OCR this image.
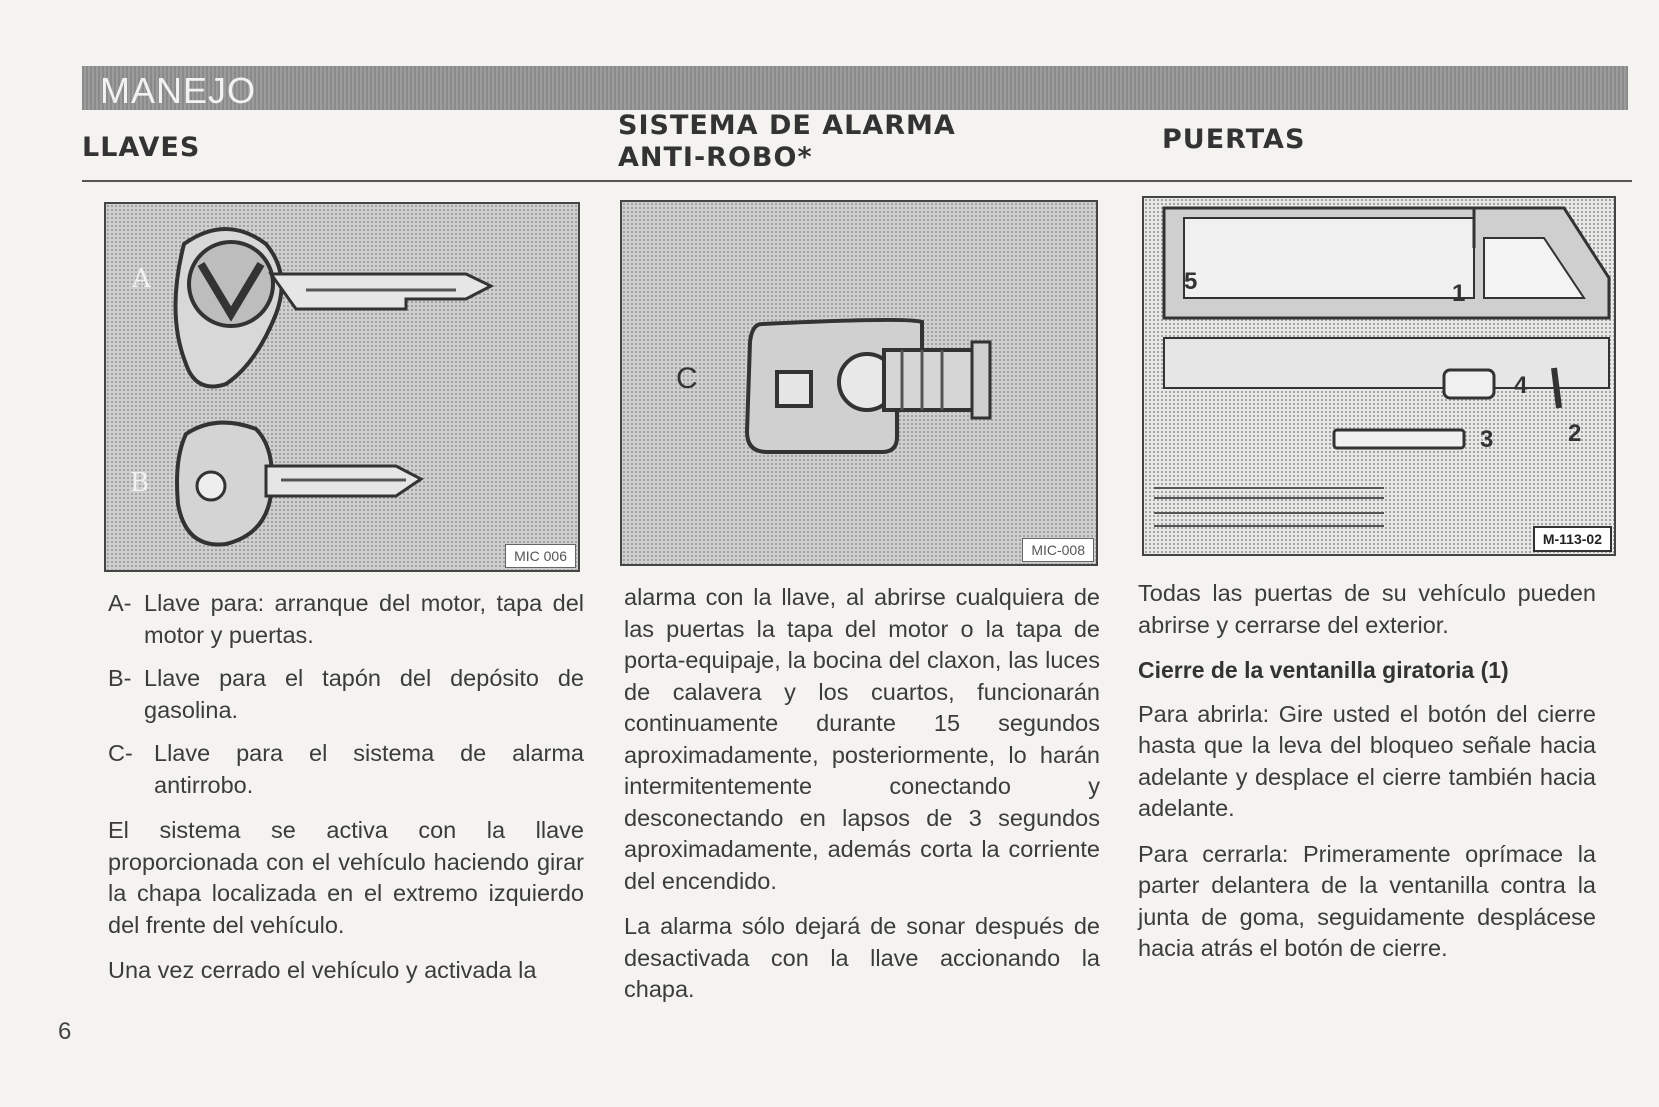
MANEJO
LLAVES
SISTEMA DE ALARMA
ANTI-ROBO*
PUERTAS
A
B
MIC 006
C
MIC-008
5	1
4
3	2
M-113-02
A- Llave para: arranque del motor, tapa del motor y puertas.
B- Llave para el tapón del depósito de gasolina.
C- Llave para el sistema de alarma antirrobo.

El sistema se activa con la llave proporcionada con el vehículo haciendo girar la chapa localizada en el extremo izquierdo del frente del vehículo.

Una vez cerrado el vehículo y activada la

alarma con la llave, al abrirse cualquiera de las puertas la tapa del motor o la tapa de porta-equipaje, la bocina del claxon, las luces de calavera y los cuartos, funcionarán continuamente durante 15 segundos aproximadamente, posteriormente, lo harán intermitentemente conectando y desconectando en lapsos de 3 segundos aproximadamente, además corta la corriente del encendido.

La alarma sólo dejará de sonar después de desactivada con la llave accionando la chapa.

Todas las puertas de su vehículo pueden abrirse y cerrarse del exterior.

Cierre de la ventanilla giratoria (1)

Para abrirla: Gire usted el botón del cierre hasta que la leva del bloqueo señale hacia adelante y desplace el cierre también hacia adelante.

Para cerrarla: Primeramente oprímace la parter delantera de la ventanilla contra la junta de goma, seguidamente desplácese hacia atrás el botón de cierre.

6
